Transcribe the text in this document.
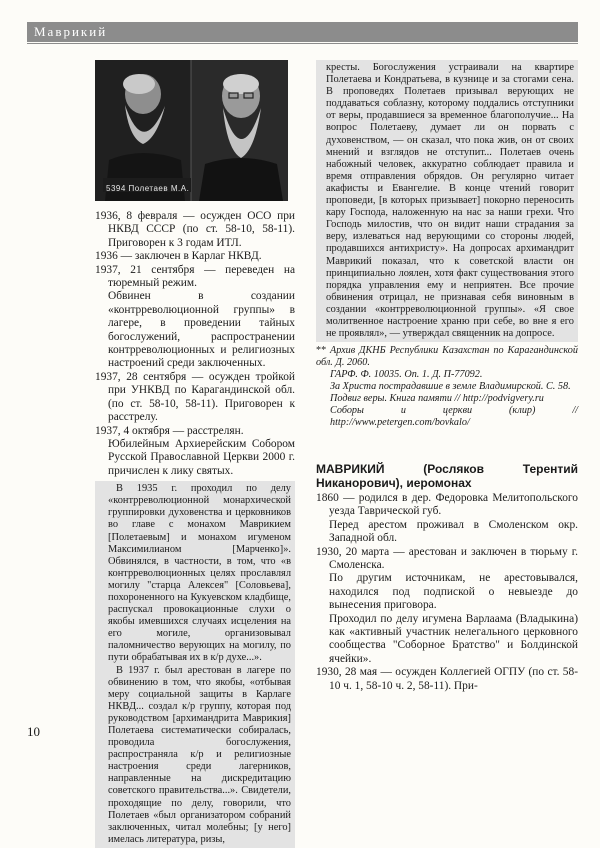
Маврикий
5394 Полетаев М.А.

1936, 8 февраля — осужден ОСО при НКВД СССР (по ст. 58-10, 58-11). Приговорен к 3 годам ИТЛ.

1936 — заключен в Карлаг НКВД.

1937, 21 сентября — переведен на тюремный режим.

Обвинен в создании «контрреволюционной группы» в лагере, в проведении тайных богослужений, распространении контрреволюционных и религиозных настроений среди заключенных.

1937, 28 сентября — осужден тройкой при УНКВД по Карагандинской обл. (по ст. 58-10, 58-11). Приговорен к расстрелу.

1937, 4 октября — расстрелян.

Юбилейным Архиерейским Собором Русской Православной Церкви 2000 г. причислен к лику святых.

В 1935 г. проходил по делу «контрреволюционной монархической группировки духовенства и церковников во главе с монахом Маврикием [Полетаевым] и монахом игуменом Максимилианом [Марченко]». Обвинялся, в частности, в том, что «в контрреволюционных целях прославлял могилу "старца Алексея" [Соловьева], похороненного на Кукуевском кладбище, распускал провокационные слухи о якобы имевшихся случаях исцеления на его могиле, организовывал паломничество верующих на могилу, по пути обрабатывая их в к/р духе...».

В 1937 г. был арестован в лагере по обвинению в том, что якобы, «отбывая меру социальной защиты в Карлаге НКВД... создал к/р группу, которая под руководством [архимандрита Маврикия] Полетаева систематически собиралась, проводила богослужения, распространяла к/р и религиозные настроения среди лагерников, направленные на дискредитацию советского правительства...». Свидетели, проходящие по делу, говорили, что Полетаев «был организатором собраний заключенных, читал молебны; [у него] имелась литература, ризы,

кресты. Богослужения устраивали на квартире Полетаева и Кондратьева, в кузнице и за стогами сена. В проповедях Полетаев призывал верующих не поддаваться соблазну, которому поддались отступники от веры, продавшиеся за временное благополучие... На вопрос Полетаеву, думает ли он порвать с духовенством, — он сказал, что пока жив, он от своих мнений и взглядов не отступит... Полетаев очень набожный человек, аккуратно соблюдает правила и время отправления обрядов. Он регулярно читает акафисты и Евангелие. В конце чтений говорит проповеди, [в которых призывает] покорно переносить кару Господа, наложенную на нас за наши грехи. Что Господь милостив, что он видит наши страдания за веру, излеваться над верующими со стороны людей, продавшихся антихристу». На допросах архимандрит Маврикий показал, что к советской власти он принципиально лоялен, хотя факт существования этого порядка управления ему и неприятен. Все прочие обвинения отрицал, не признавая себя виновным в создании «контрреволюционной группы». «Я свое молитвенное настроение храню при себе, во вне я его не проявлял», — утверждал священник на допросе.

** Архив ДКНБ Республики Казахстан по Карагандинской обл. Д. 2060.
ГАРФ. Ф. 10035. Оп. 1. Д. П-77092.
За Христа пострадавшие в земле Владимирской. С. 58.
Подвиг веры. Книга памяти // http://podvigvery.ru
Соборы и церкви (клир) // http://www.petergen.com/bovkalo/
МАВРИКИЙ (Росляков Терентий Никанорович), иеромонах

1860 — родился в дер. Федоровка Мелитопольского уезда Таврической губ.

Перед арестом проживал в Смоленском окр. Западной обл.

1930, 20 марта — арестован и заключен в тюрьму г. Смоленска.

По другим источникам, не арестовывался, находился под подпиской о невыезде до вынесения приговора.

Проходил по делу игумена Варлаама (Владыкина) как «активный участник нелегального церковного сообщества "Соборное Братство" и Болдинской ячейки».

1930, 28 мая — осужден Коллегией ОГПУ (по ст. 58-10 ч. 1, 58-10 ч. 2, 58-11). При-

10
